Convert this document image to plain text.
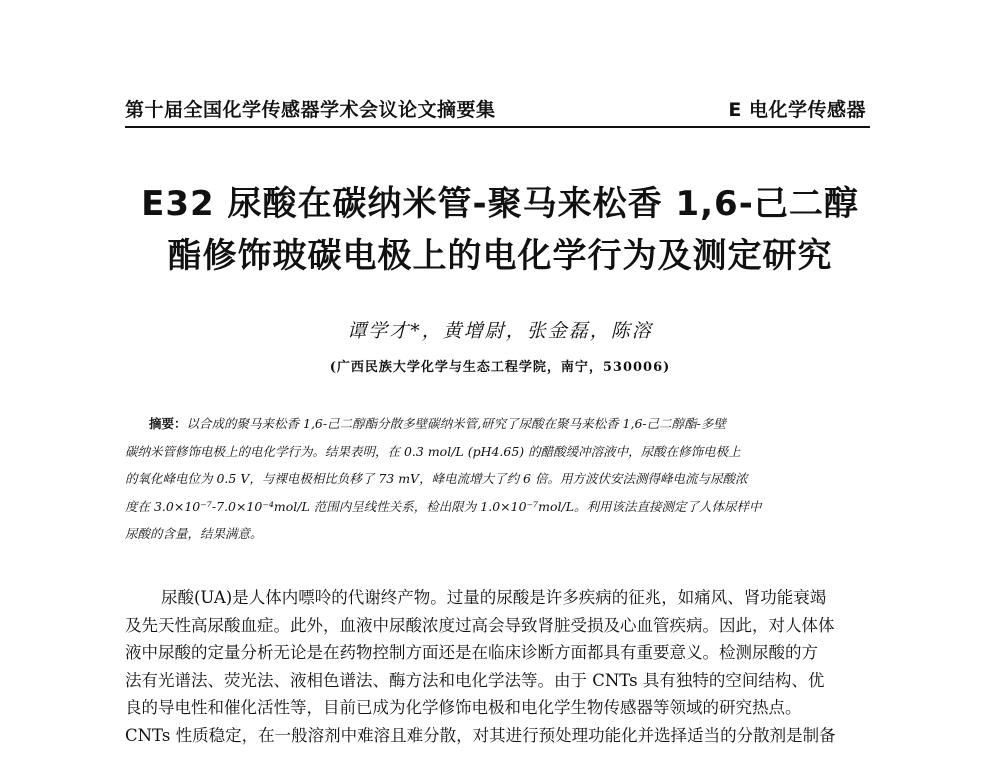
第十届全国化学传感器学术会议论文摘要集	E 电化学传感器
E32 尿酸在碳纳米管-聚马来松香 1,6-己二醇
酯修饰玻碳电极上的电化学行为及测定研究
谭学才*，黄增尉，张金磊，陈溶
(广西民族大学化学与生态工程学院，南宁，530006)
摘要：以合成的聚马来松香 1,6-己二醇酯分散多壁碳纳米管,研究了尿酸在聚马来松香 1,6-己二醇酯-多壁
碳纳米管修饰电极上的电化学行为。结果表明，在 0.3 mol/L (pH4.65) 的醋酸缓冲溶液中，尿酸在修饰电极上
的氧化峰电位为 0.5 V，与裸电极相比负移了 73 mV，峰电流增大了约 6 倍。用方波伏安法测得峰电流与尿酸浓
度在 3.0×10⁻⁷-7.0×10⁻⁴mol/L 范围内呈线性关系，检出限为 1.0×10⁻⁷mol/L。利用该法直接测定了人体尿样中
尿酸的含量，结果满意。
尿酸(UA)是人体内嘌呤的代谢终产物。过量的尿酸是许多疾病的征兆，如痛风、肾功能衰竭
及先天性高尿酸血症。此外，血液中尿酸浓度过高会导致肾脏受损及心血管疾病。因此，对人体体
液中尿酸的定量分析无论是在药物控制方面还是在临床诊断方面都具有重要意义。检测尿酸的方
法有光谱法、荧光法、液相色谱法、酶方法和电化学法等。由于 CNTs 具有独特的空间结构、优
良的导电性和催化活性等，目前已成为化学修饰电极和电化学生物传感器等领域的研究热点。
CNTs 性质稳定，在一般溶剂中难溶且难分散，对其进行预处理功能化并选择适当的分散剂是制备
